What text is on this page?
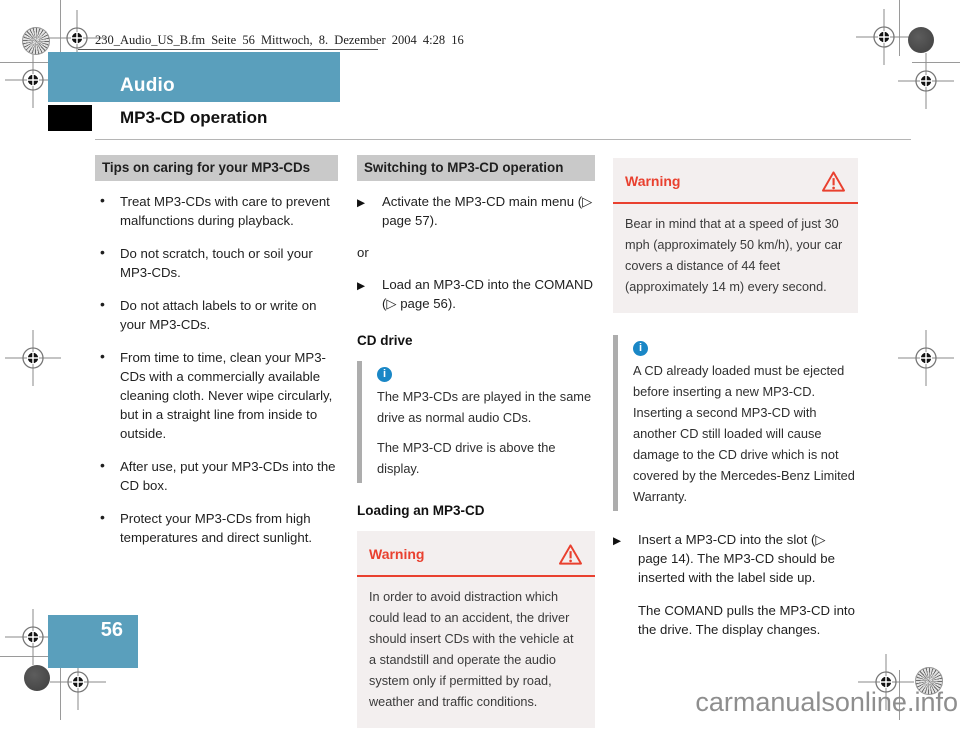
230_Audio_US_B.fm Seite 56 Mittwoch, 8. Dezember 2004 4:28 16
Audio
MP3-CD operation
Tips on caring for your MP3-CDs
• Treat MP3-CDs with care to prevent malfunctions during playback.
• Do not scratch, touch or soil your MP3-CDs.
• Do not attach labels to or write on your MP3-CDs.
• From time to time, clean your MP3-CDs with a commercially available cleaning cloth. Never wipe circularly, but in a straight line from inside to outside.
• After use, put your MP3-CDs into the CD box.
• Protect your MP3-CDs from high temperatures and direct sunlight.
Switching to MP3-CD operation
▶ Activate the MP3-CD main menu (▷ page 57).

or

▶ Load an MP3-CD into the COMAND (▷ page 56).
CD drive
i

The MP3-CDs are played in the same drive as normal audio CDs.

The MP3-CD drive is above the display.

Loading an MP3-CD
Warning

In order to avoid distraction which could lead to an accident, the driver should insert CDs with the vehicle at a standstill and operate the audio system only if permitted by road, weather and traffic conditions.

Warning

Bear in mind that at a speed of just 30 mph (approximately 50 km/h), your car covers a distance of 44 feet (approximately 14 m) every second.

i

A CD already loaded must be ejected before inserting a new MP3-CD. Inserting a second MP3-CD with another CD still loaded will cause damage to the CD drive which is not covered by the Mercedes-Benz Limited Warranty.

▶ Insert a MP3-CD into the slot (▷ page 14). The MP3-CD should be inserted with the label side up.
The COMAND pulls the MP3-CD into the drive. The display changes.
56
carmanualsonline.info
